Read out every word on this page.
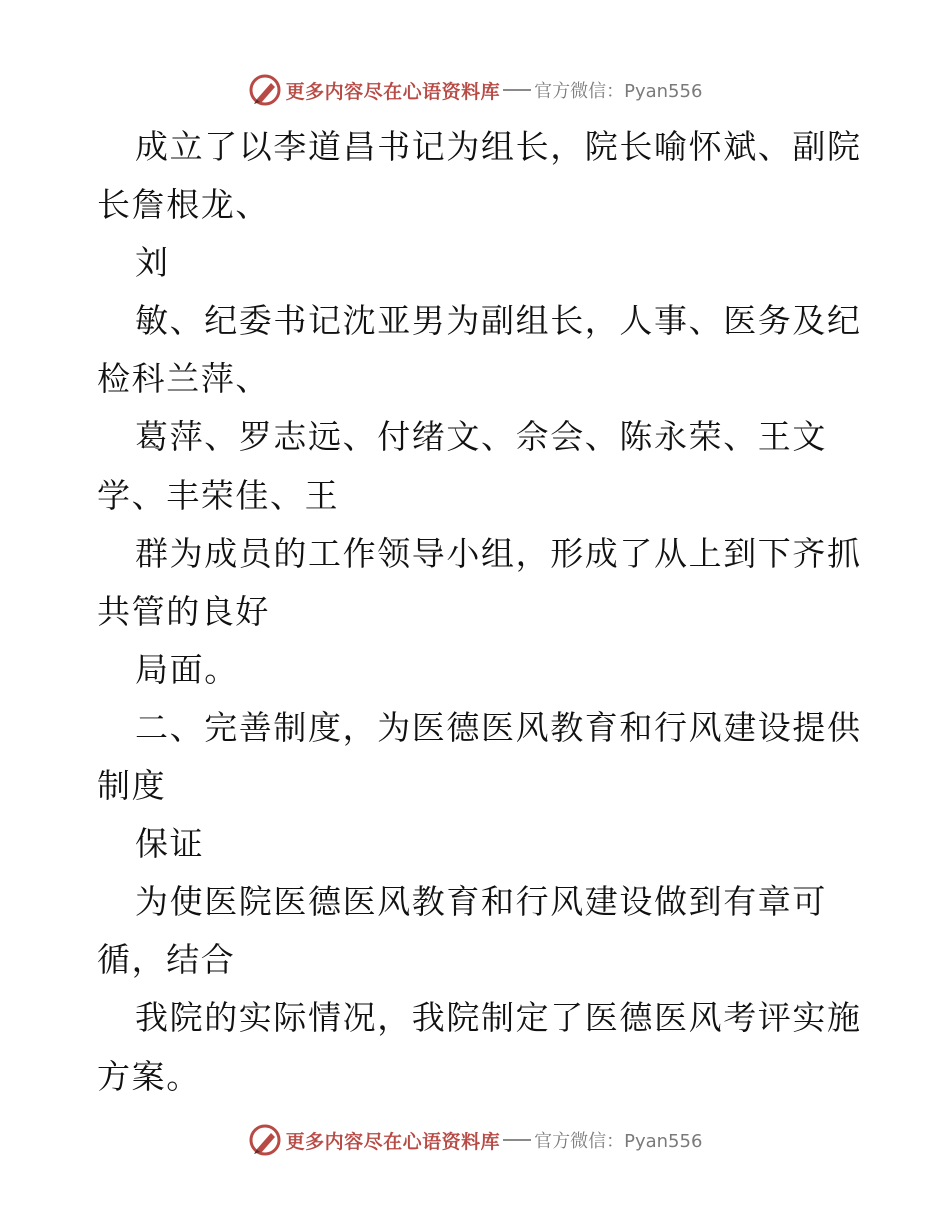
更多内容尽在心语资料库 官方微信：Pyan556
成立了以李道昌书记为组长，院长喻怀斌、副院
长詹根龙、
刘
敏、纪委书记沈亚男为副组长，人事、医务及纪
检科兰萍、
葛萍、罗志远、付绪文、佘会、陈永荣、王文
学、丰荣佳、王
群为成员的工作领导小组，形成了从上到下齐抓
共管的良好
局面。
二、完善制度，为医德医风教育和行风建设提供
制度
保证
为使医院医德医风教育和行风建设做到有章可
循，结合
我院的实际情况，我院制定了医德医风考评实施
方案。
更多内容尽在心语资料库 官方微信：Pyan556
